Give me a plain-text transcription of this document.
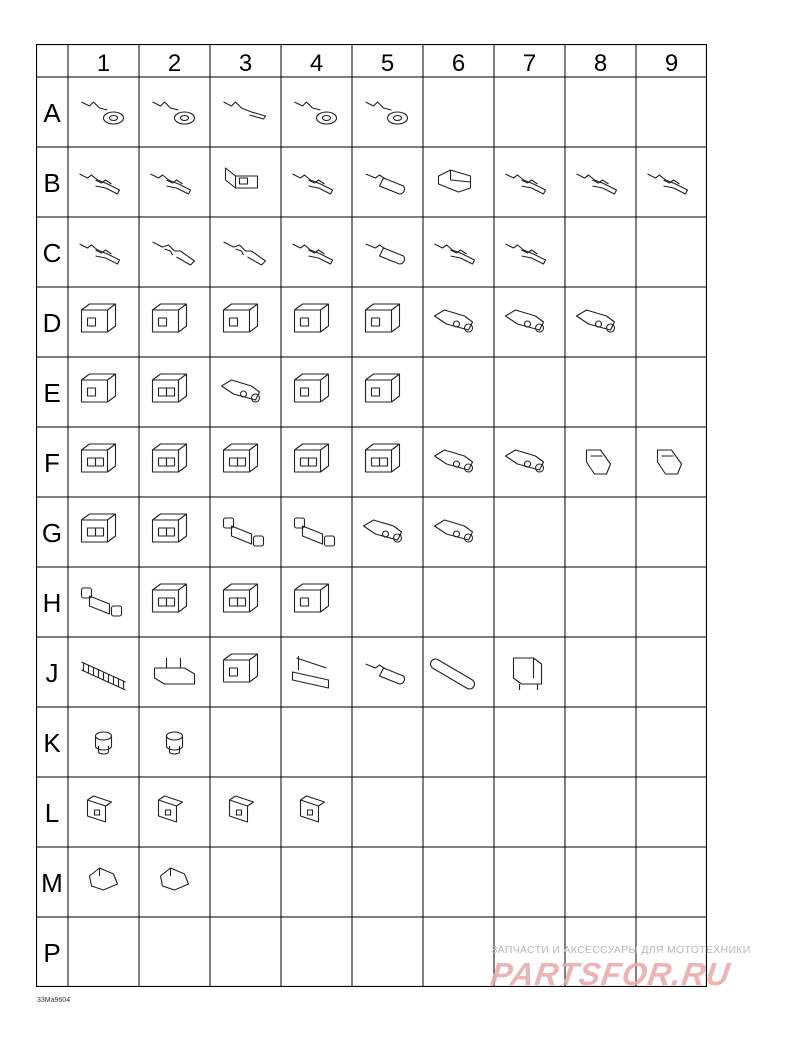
1 2 3 4 5 6 7 8 9
A
B
C
D
E
F
G
H
J
K
L
M
P	ЗАПЧАСТИ И АКСЕССУАРЫ ДЛЯ МОТОТЕХНИКИ
PARTSFOR.RU
33Ma9604
